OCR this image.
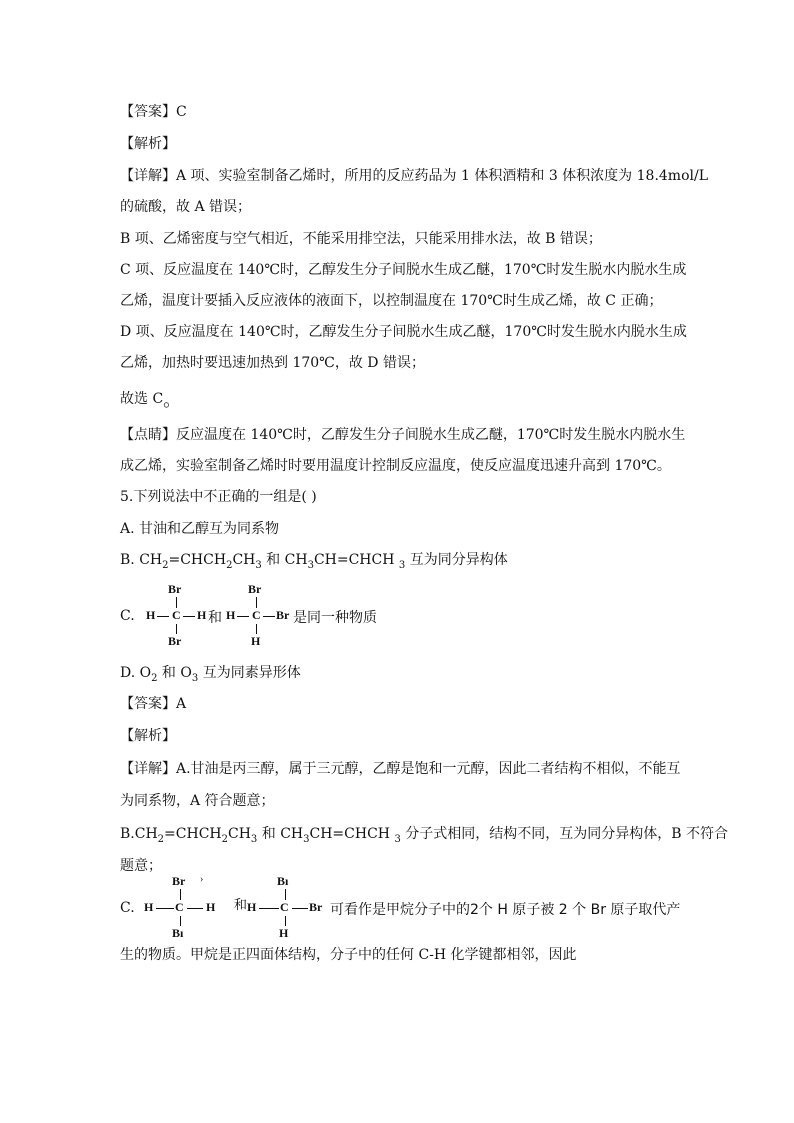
【答案】C
【解析】
【详解】A 项、实验室制备乙烯时，所用的反应药品为 1 体积酒精和 3 体积浓度为 18.4mol/L
的硫酸，故 A 错误；
B 项、乙烯密度与空气相近，不能采用排空法，只能采用排水法，故 B 错误；
C 项、反应温度在 140℃时，乙醇发生分子间脱水生成乙醚，170℃时发生脱水内脱水生成
乙烯，温度计要插入反应液体的液面下，以控制温度在 170℃时生成乙烯，故 C 正确；
D 项、反应温度在 140℃时，乙醇发生分子间脱水生成乙醚，170℃时发生脱水内脱水生成
乙烯，加热时要迅速加热到 170℃，故 D 错误；
故选 C。
【点睛】反应温度在 140℃时，乙醇发生分子间脱水生成乙醚，170℃时发生脱水内脱水生
成乙烯，实验室制备乙烯时时要用温度计控制反应温度，使反应温度迅速升高到 170℃。
5.下列说法中不正确的一组是( )
A. 甘油和乙醇互为同系物
B. $CH_2=CHCH_2CH_3$ 和 $CH_3CH=CHCH$ $_3$ 互为同分异构体
C.
Br
H C H
Br
和
Br
H C Br
H
是同一种物质
D. $O_2$ 和 $O_3$ 互为同素异形体
【答案】A
【解析】
【详解】A.甘油是丙三醇，属于三元醇，乙醇是饱和一元醇，因此二者结构不相似，不能互
为同系物，A 符合题意；
$B.CH_2=CHCH_2CH_3$ 和 $CH_3CH=CHCH$ $_3$ 分子式相同，结构不同，互为同分异构体，B 不符合
题意；
C.
Br ›
H C H
Bı
和
Bı
H C Br
H
可看作是甲烷分子中的2个 H 原子被 2 个 Br 原子取代产
生的物质。甲烷是正四面体结构，分子中的任何 C-H 化学键都相邻，因此
